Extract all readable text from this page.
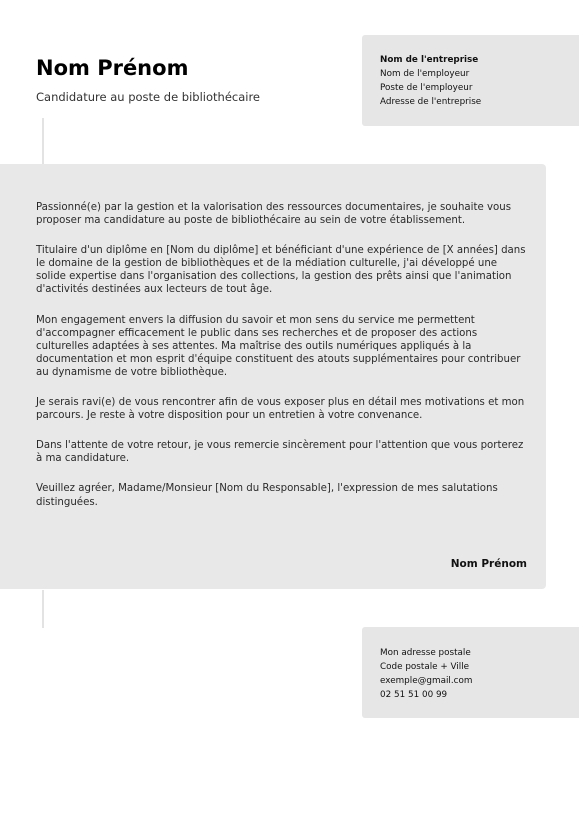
Nom Prénom
Candidature au poste de bibliothécaire
Nom de l'entreprise
Nom de l'employeur
Poste de l'employeur
Adresse de l'entreprise

Passionné(e) par la gestion et la valorisation des ressources documentaires, je souhaite vous proposer ma candidature au poste de bibliothécaire au sein de votre établissement.

Titulaire d'un diplôme en [Nom du diplôme] et bénéficiant d'une expérience de [X années] dans le domaine de la gestion de bibliothèques et de la médiation culturelle, j'ai développé une solide expertise dans l'organisation des collections, la gestion des prêts ainsi que l'animation d'activités destinées aux lecteurs de tout âge.

Mon engagement envers la diffusion du savoir et mon sens du service me permettent d'accompagner efficacement le public dans ses recherches et de proposer des actions culturelles adaptées à ses attentes. Ma maîtrise des outils numériques appliqués à la documentation et mon esprit d'équipe constituent des atouts supplémentaires pour contribuer au dynamisme de votre bibliothèque.

Je serais ravi(e) de vous rencontrer afin de vous exposer plus en détail mes motivations et mon parcours. Je reste à votre disposition pour un entretien à votre convenance.

Dans l'attente de votre retour, je vous remercie sincèrement pour l'attention que vous porterez à ma candidature.

Veuillez agréer, Madame/Monsieur [Nom du Responsable], l'expression de mes salutations distinguées.

Nom Prénom
Mon adresse postale
Code postale + Ville
exemple@gmail.com
02 51 51 00 99
